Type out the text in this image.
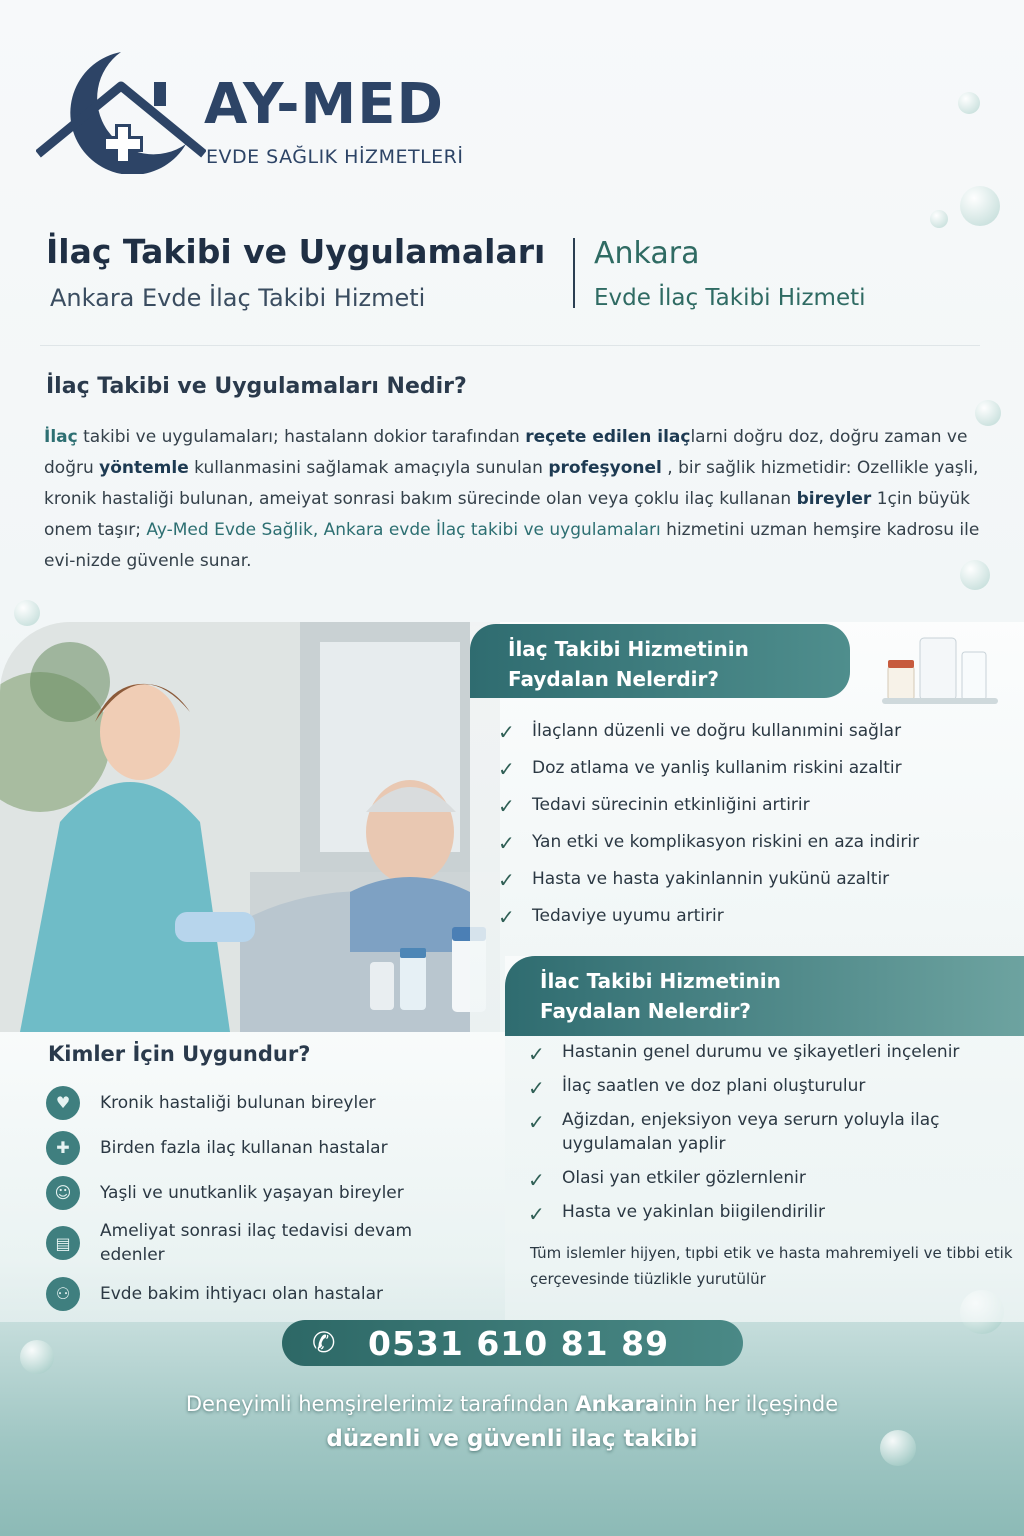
AY-MED
EVDE SAĞLIK HİZMETLERİ
İlaç Takibi ve Uygulamaları
Ankara Evde İlaç Takibi Hizmeti
Ankara
Evde İlaç Takibi Hizmeti
İlaç Takibi ve Uygulamaları Nedir?
İlaç takibi ve uygulamaları; hastalann dokior tarafından reçete edilen ilaçlarni doğru doz, doğru zaman ve doğru yöntemle kullanmasini sağlamak amaçıyla sunulan profeşyonel , bir sağlik hizmetidir: Ozellikle yaşli, kronik hastaliği bulunan, ameiyat sonrasi bakım sürecinde olan veya çoklu ilaç kullanan bireyler 1çin büyük onem taşır; Ay-Med Evde Sağlik, Ankara evde İlaç takibi ve uygulamaları hizmetini uzman hemşire kadrosu ile evi-nizde güvenle sunar.
İlaç Takibi Hizmetinin
Faydalan Nelerdir?
✓	İlaçlann düzenli ve doğru kullanımini sağlar
✓	Doz atlama ve yanliş kullanim riskini azaltir
✓	Tedavi sürecinin etkinliğini artirir
✓	Yan etki ve komplikasyon riskini en aza indirir
✓	Hasta ve hasta yakinlannin yukünü azaltir
✓	Tedaviye uyumu artirir
Kimler İçin Uygundur?
♥	Kronik hastaliği bulunan bireyler
✚	Birden fazla ilaç kullanan hastalar
☺	Yaşli ve unutkanlik yaşayan bireyler
▤
Ameliyat sonrasi ilaç tedavisi devam edenler
⚇	Evde bakim ihtiyacı olan hastalar
İlac Takibi Hizmetinin
Faydalan Nelerdir?
✓	Hastanin genel durumu ve şikayetleri inçelenir
✓	İlaç saatlen ve doz plani oluşturulur
✓	Ağizdan, enjeksiyon veya serurn yoluyla ilaç uygulamalan yaplir
✓	Olasi yan etkiler gözlernlenir
✓	Hasta ve yakinlan biigilendirilir
Tüm islemler hijyen, tıpbi etik ve hasta mahremiyeli ve tibbi etik çerçevesinde tiüzlikle yurutülür
✆ 0531 610 81 89
Deneyimli hemşirelerimiz tarafından Ankarainin her ilçeşinde
düzenli ve güvenli ilaç takibi
